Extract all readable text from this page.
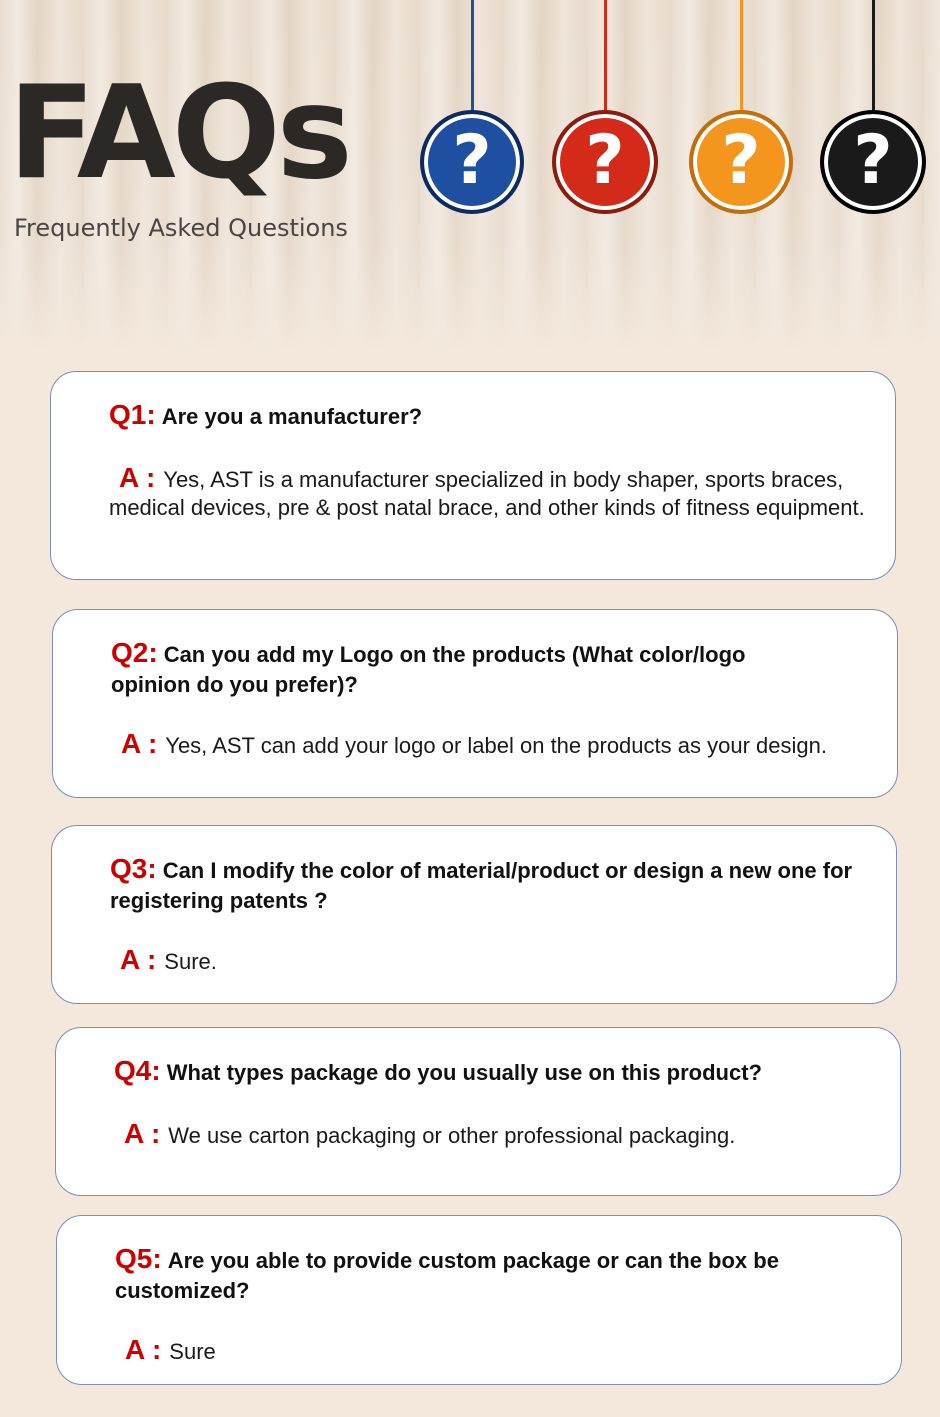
FAQs
Frequently Asked Questions
? ? ? ?
Q1: Are you a manufacturer?
A : Yes, AST is a manufacturer specialized in body shaper, sports braces, medical devices, pre & post natal brace, and other kinds of fitness equipment.
Q2: Can you add my Logo on the products (What color/logo opinion do you prefer)?
A : Yes, AST can add your logo or label on the products as your design.
Q3: Can I modify the color of material/product or design a new one for registering patents ?
A : Sure.
Q4: What types package do you usually use on this product?
A : We use carton packaging or other professional packaging.
Q5: Are you able to provide custom package or can the box be customized?
A : Sure
